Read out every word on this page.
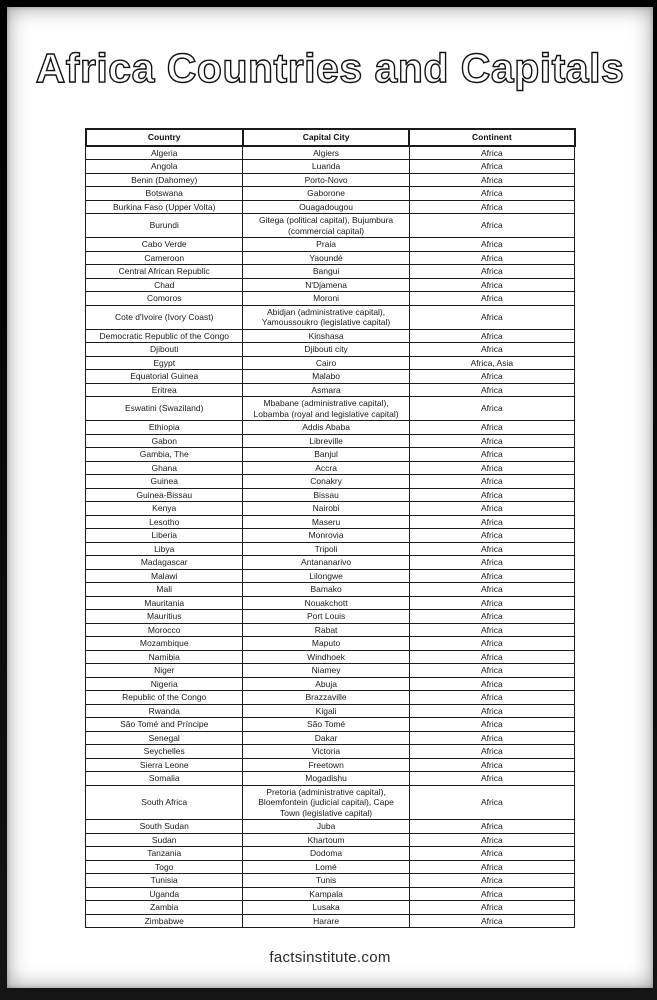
Africa Countries and Capitals
Country	Capital City	Continent
Algeria	Algiers	Africa
Angola	Luanda	Africa
Benin (Dahomey)	Porto-Novo	Africa
Botswana	Gaborone	Africa
Burkina Faso (Upper Volta)	Ouagadougou	Africa
Burundi	Gitega (political capital), Bujumbura (commercial capital)	Africa
Cabo Verde	Praia	Africa
Cameroon	Yaoundé	Africa
Central African Republic	Bangui	Africa
Chad	N'Djamena	Africa
Comoros	Moroni	Africa
Cote d'Ivoire (Ivory Coast)	Abidjan (administrative capital), Yamoussoukro (legislative capital)	Africa
Democratic Republic of the Congo	Kinshasa	Africa
Djibouti	Djibouti city	Africa
Egypt	Cairo	Africa, Asia
Equatorial Guinea	Malabo	Africa
Eritrea	Asmara	Africa
Eswatini (Swaziland)	Mbabane (administrative capital), Lobamba (royal and legislative capital)	Africa
Ethiopia	Addis Ababa	Africa
Gabon	Libreville	Africa
Gambia, The	Banjul	Africa
Ghana	Accra	Africa
Guinea	Conakry	Africa
Guinea-Bissau	Bissau	Africa
Kenya	Nairobi	Africa
Lesotho	Maseru	Africa
Liberia	Monrovia	Africa
Libya	Tripoli	Africa
Madagascar	Antananarivo	Africa
Malawi	Lilongwe	Africa
Mali	Bamako	Africa
Mauritania	Nouakchott	Africa
Mauritius	Port Louis	Africa
Morocco	Rabat	Africa
Mozambique	Maputo	Africa
Namibia	Windhoek	Africa
Niger	Niamey	Africa
Nigeria	Abuja	Africa
Republic of the Congo	Brazzaville	Africa
Rwanda	Kigali	Africa
São Tomé and Príncipe	São Tomé	Africa
Senegal	Dakar	Africa
Seychelles	Victoria	Africa
Sierra Leone	Freetown	Africa
Somalia	Mogadishu	Africa
South Africa	Pretoria (administrative capital), Bloemfontein (judicial capital), Cape Town (legislative capital)	Africa
South Sudan	Juba	Africa
Sudan	Khartoum	Africa
Tanzania	Dodoma	Africa
Togo	Lomé	Africa
Tunisia	Tunis	Africa
Uganda	Kampala	Africa
Zambia	Lusaka	Africa
Zimbabwe	Harare	Africa
factsinstitute.com
